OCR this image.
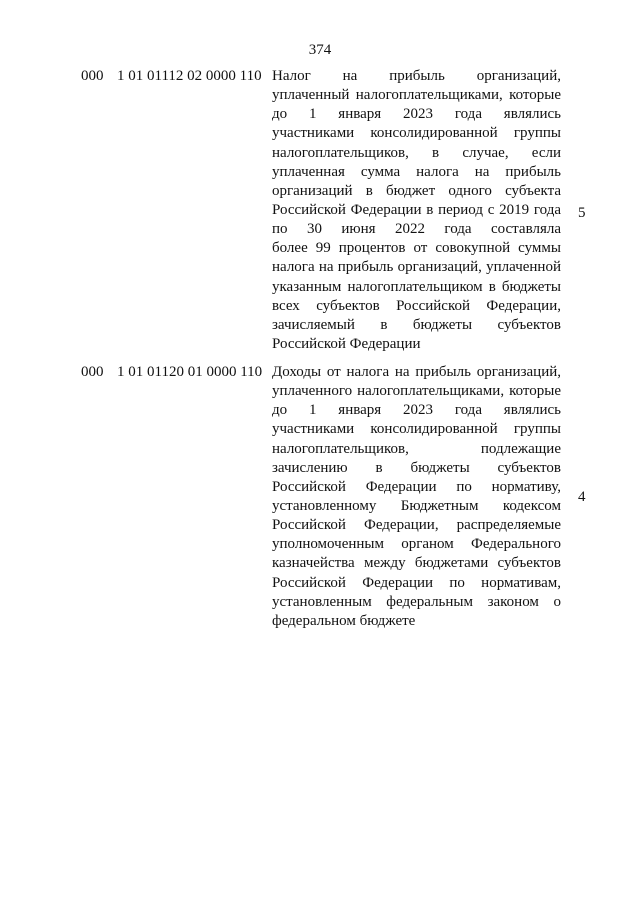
374
000 1 01 01112 02 0000 110 Налог на прибыль организаций,
уплаченный налогоплательщиками, которые
до 1 января 2023 года являлись
участниками консолидированной группы
налогоплательщиков, в случае, если
уплаченная сумма налога на прибыль
организаций в бюджет одного субъекта
Российской Федерации в период с 2019 года
по 30 июня 2022 года составляла
более 99 процентов от совокупной суммы
налога на прибыль организаций, уплаченной
указанным налогоплательщиком в бюджеты
всех субъектов Российской Федерации,
зачисляемый в бюджеты субъектов
Российской Федерации
5
000 1 01 01120 01 0000 110 Доходы от налога на прибыль организаций,
уплаченного налогоплательщиками, которые
до 1 января 2023 года являлись
участниками консолидированной группы
налогоплательщиков, подлежащие
зачислению в бюджеты субъектов
Российской Федерации по нормативу,
установленному Бюджетным кодексом
Российской Федерации, распределяемые
уполномоченным органом Федерального
казначейства между бюджетами субъектов
Российской Федерации по нормативам,
установленным федеральным законом о
федеральном бюджете
4
